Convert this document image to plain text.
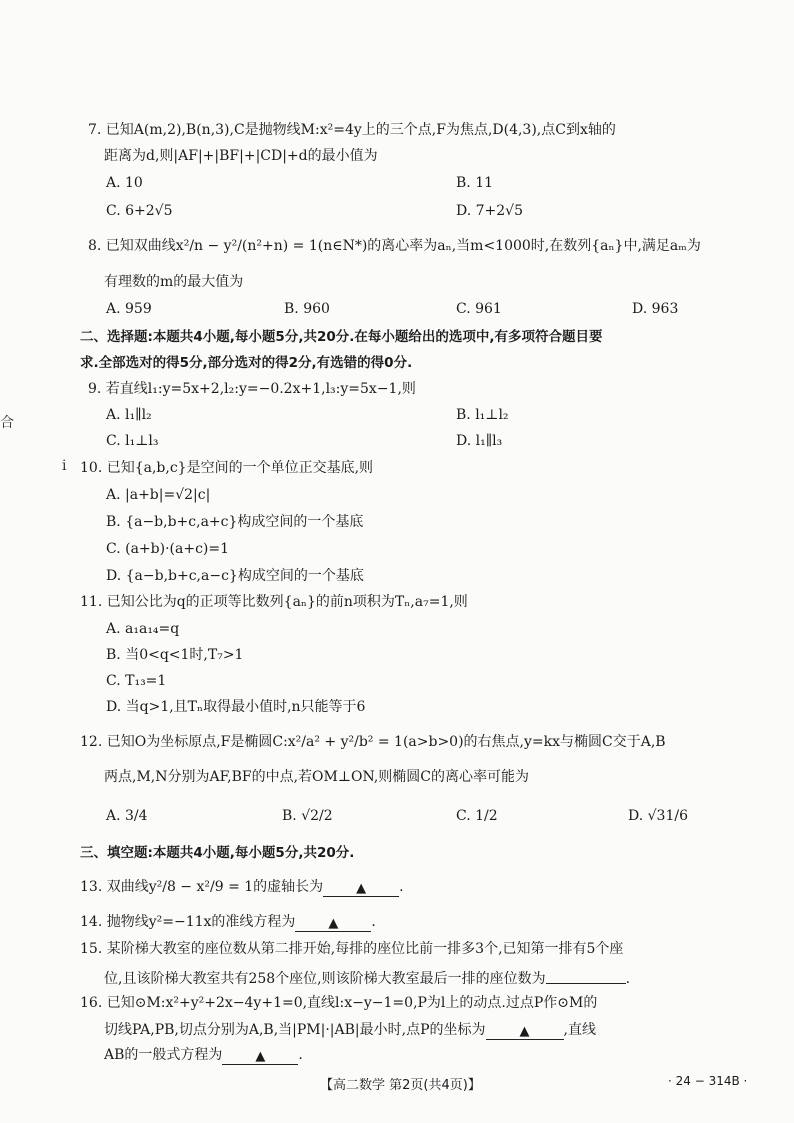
7. 已知A(m,2),B(n,3),C是抛物线M:x²=4y上的三个点,F为焦点,D(4,3),点C到x轴的
距离为d,则|AF|+|BF|+|CD|+d的最小值为
A. 10	B. 11
C. 6+2√5	D. 7+2√5
8. 已知双曲线x²/n − y²/(n²+n) = 1(n∈N*)的离心率为aₙ,当m<1000时,在数列{aₙ}中,满足aₘ为
有理数的m的最大值为
A. 959	B. 960	C. 961	D. 963
二、选择题:本题共4小题,每小题5分,共20分.在每小题给出的选项中,有多项符合题目要
求.全部选对的得5分,部分选对的得2分,有选错的得0分.
9. 若直线l₁:y=5x+2,l₂:y=−0.2x+1,l₃:y=5x−1,则
A. l₁∥l₂	B. l₁⊥l₂
C. l₁⊥l₃	D. l₁∥l₃
10. 已知{a,b,c}是空间的一个单位正交基底,则
A. |a+b|=√2|c|
B. {a−b,b+c,a+c}构成空间的一个基底
C. (a+b)·(a+c)=1
D. {a−b,b+c,a−c}构成空间的一个基底
11. 已知公比为q的正项等比数列{aₙ}的前n项积为Tₙ,a₇=1,则
A. a₁a₁₄=q
B. 当0<q<1时,T₇>1
C. T₁₃=1
D. 当q>1,且Tₙ取得最小值时,n只能等于6
12. 已知O为坐标原点,F是椭圆C:x²/a² + y²/b² = 1(a>b>0)的右焦点,y=kx与椭圆C交于A,B
两点,M,N分别为AF,BF的中点,若OM⊥ON,则椭圆C的离心率可能为
A. 3/4	B. √2/2	C. 1/2	D. √31/6
三、填空题:本题共4小题,每小题5分,共20分.
13. 双曲线y²/8 − x²/9 = 1的虚轴长为	▲ .
14. 抛物线y²=−11x的准线方程为	▲ .
15. 某阶梯大教室的座位数从第二排开始,每排的座位比前一排多3个,已知第一排有5个座
位,且该阶梯大教室共有258个座位,则该阶梯大教室最后一排的座位数为	.
16. 已知⊙M:x²+y²+2x−4y+1=0,直线l:x−y−1=0,P为l上的动点.过点P作⊙M的
切线PA,PB,切点分别为A,B,当|PM|·|AB|最小时,点P的坐标为	▲ ,直线
AB的一般式方程为	▲ .
合
i
【高二数学 第2页(共4页)】	· 24 − 314B ·
